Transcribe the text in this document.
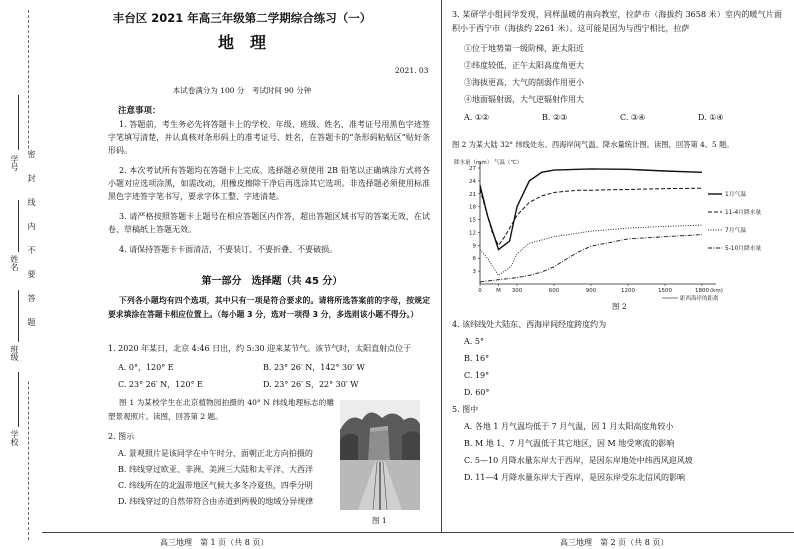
密　封　线　内　不　要　答　题
学号
姓名
班级
学校
丰台区 2021 年高三年级第二学期综合练习（一）
地　理
2021. 03
本试卷满分为 100 分　考试时间 90 分钟
注意事项：
1. 答题前，考生务必先将答题卡上的学校、年级、班级、姓名、准考证号用黑色字迹签字笔填写清楚，并认真核对条形码上的准考证号、姓名，在答题卡的“条形码粘贴区”贴好条形码。
2. 本次考试所有答题均在答题卡上完成。选择题必须使用 2B 铅笔以正确填涂方式将各小题对应选项涂黑，如需改动，用橡皮擦除干净后再选涂其它选项。非选择题必须使用标准黑色字迹签字笔书写，要求字体工整、字迹清楚。
3. 请严格按照答题卡上题号在相应答题区内作答，超出答题区域书写的答案无效，在试卷、草稿纸上答题无效。
4. 请保持答题卡卡面清洁，不要装订、不要折叠、不要破损。
第一部分　选择题（共 45 分）
下列各小题均有四个选项，其中只有一项是符合要求的。请将所选答案前的字母，按规定要求填涂在答题卡相应位置上。（每小题 3 分，选对一项得 3 分，多选则该小题不得分。）
1. 2020 年某日，北京 4:46 日出，约 5:30 迎来某节气。该节气时，太阳直射点位于
A. 0°，120° E	B. 23° 26′ N，142° 30′ W
C. 23° 26′ N，120° E	D. 23° 26′ S，22° 30′ W
图 1 为某校学生在北京植物园拍摄的 40° N 纬线地理标志的雕塑景观照片。读图，回答第 2 题。
2. 图示
A. 景观照片是该同学在中午时分、面朝正北方向拍摄的
B. 纬线穿过欧亚、非洲、美洲三大陆和太平洋、大西洋
C. 纬线所在的北温带地区气候大多冬冷夏热，四季分明
D. 纬线穿过的自然带符合由赤道到两极的地域分异规律
图 1
高三地理　第 1 页（共 8 页）
3. 某研学小组同学发现，同样温暖的南向教室，拉萨市（海拔约 3658 米）室内的暖气片面积小于西宁市（海拔约 2261 米）。这可能是因为与西宁相比，拉萨
①位于地势第一级阶梯，距太阳近
②纬度较低，正午太阳高度角更大
③海拔更高，大气的削弱作用更小
④地面辐射弱，大气逆辐射作用大
A. ①②	B. ②③	C. ③④	D. ①④
图 2 为某大陆 32° 纬线处东、西海岸间气温、降水量统计图。读图，回答第 4、5 题。
降水量（mm） 气温（℃）
3
6
9
12
15
18
21
24
27
0	M 300	600	900	1200	1500	1800 (km)
距西海岸的距离
1月气温
11-4月降水量
7月气温
5-10月降水量
图 2
4. 该纬线处大陆东、西海岸间经度跨度约为
A. 5°
B. 16°
C. 19°
D. 60°
5. 图中
A. 各地 1 月气温均低于 7 月气温，因 1 月太阳高度角较小
B. M 地 1、7 月气温低于其它地区，因 M 地受寒流的影响
C. 5—10 月降水量东岸大于西岸，是因东岸地处中纬西风迎风坡
D. 11—4 月降水量东岸大于西岸，是因东岸受东北信风的影响
高三地理　第 2 页（共 8 页）
